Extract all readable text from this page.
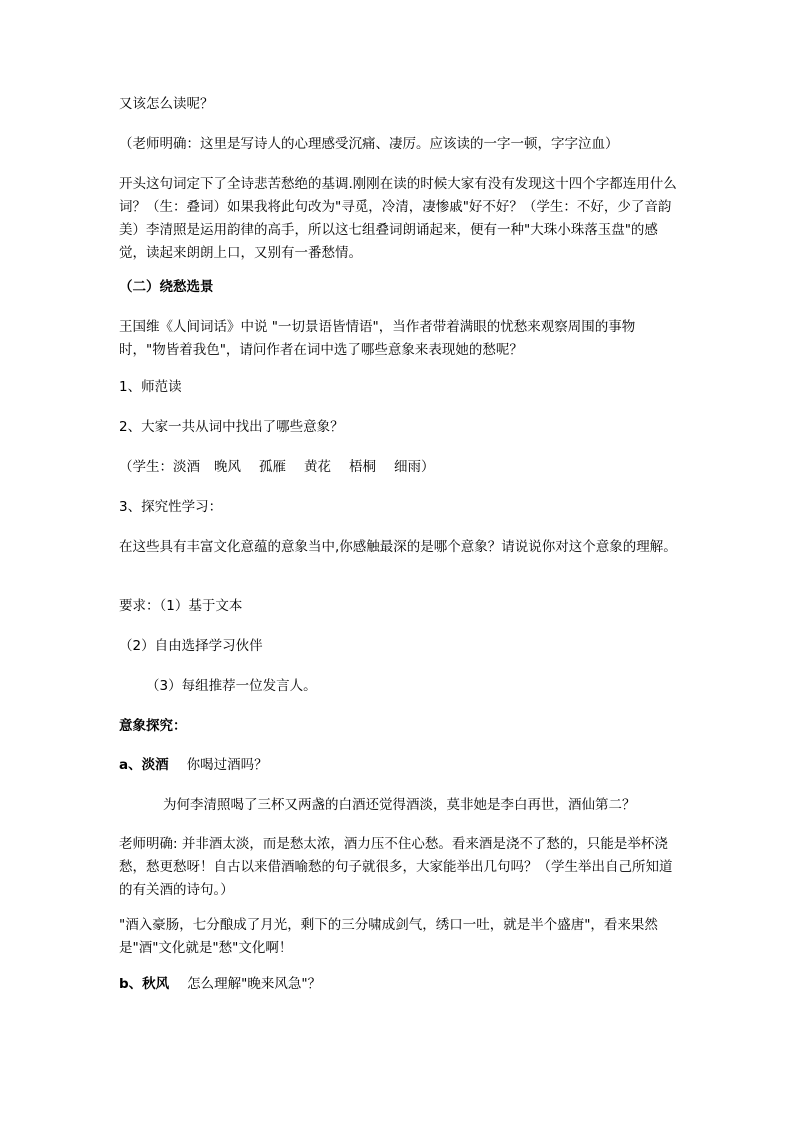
又该怎么读呢？

（老师明确：这里是写诗人的心理感受沉痛、凄厉。应该读的一字一顿，字字泣血）

开头这句词定下了全诗悲苦愁绝的基调.刚刚在读的时候大家有没有发现这十四个字都连用什么词？（生：叠词）如果我将此句改为"寻觅，冷清，凄惨戚"好不好？（学生：不好，少了音韵美）李清照是运用韵律的高手，所以这七组叠词朗诵起来，便有一种"大珠小珠落玉盘"的感觉，读起来朗朗上口，又别有一番愁情。

（二）绕愁选景

王国维《人间词话》中说 "一切景语皆情语"，当作者带着满眼的忧愁来观察周围的事物时，"物皆着我色"，请问作者在词中选了哪些意象来表现她的愁呢？

1、师范读

2、大家一共从词中找出了哪些意象？

（学生：淡酒 晚风 孤雁 黄花 梧桐 细雨）

3、探究性学习：

在这些具有丰富文化意蕴的意象当中,你感触最深的是哪个意象？请说说你对这个意象的理解。

要求：（1）基于文本

（2）自由选择学习伙伴

（3）每组推荐一位发言人。

意象探究：

a、淡酒 你喝过酒吗？

为何李清照喝了三杯又两盏的白酒还觉得酒淡，莫非她是李白再世，酒仙第二？

老师明确: 并非酒太淡，而是愁太浓，酒力压不住心愁。看来酒是浇不了愁的，只能是举杯浇愁，愁更愁呀！自古以来借酒喻愁的句子就很多，大家能举出几句吗？（学生举出自己所知道的有关酒的诗句。）

"酒入豪肠，七分酿成了月光，剩下的三分啸成剑气，绣口一吐，就是半个盛唐"，看来果然是"酒"文化就是"愁"文化啊！

b、秋风 怎么理解"晚来风急"？
